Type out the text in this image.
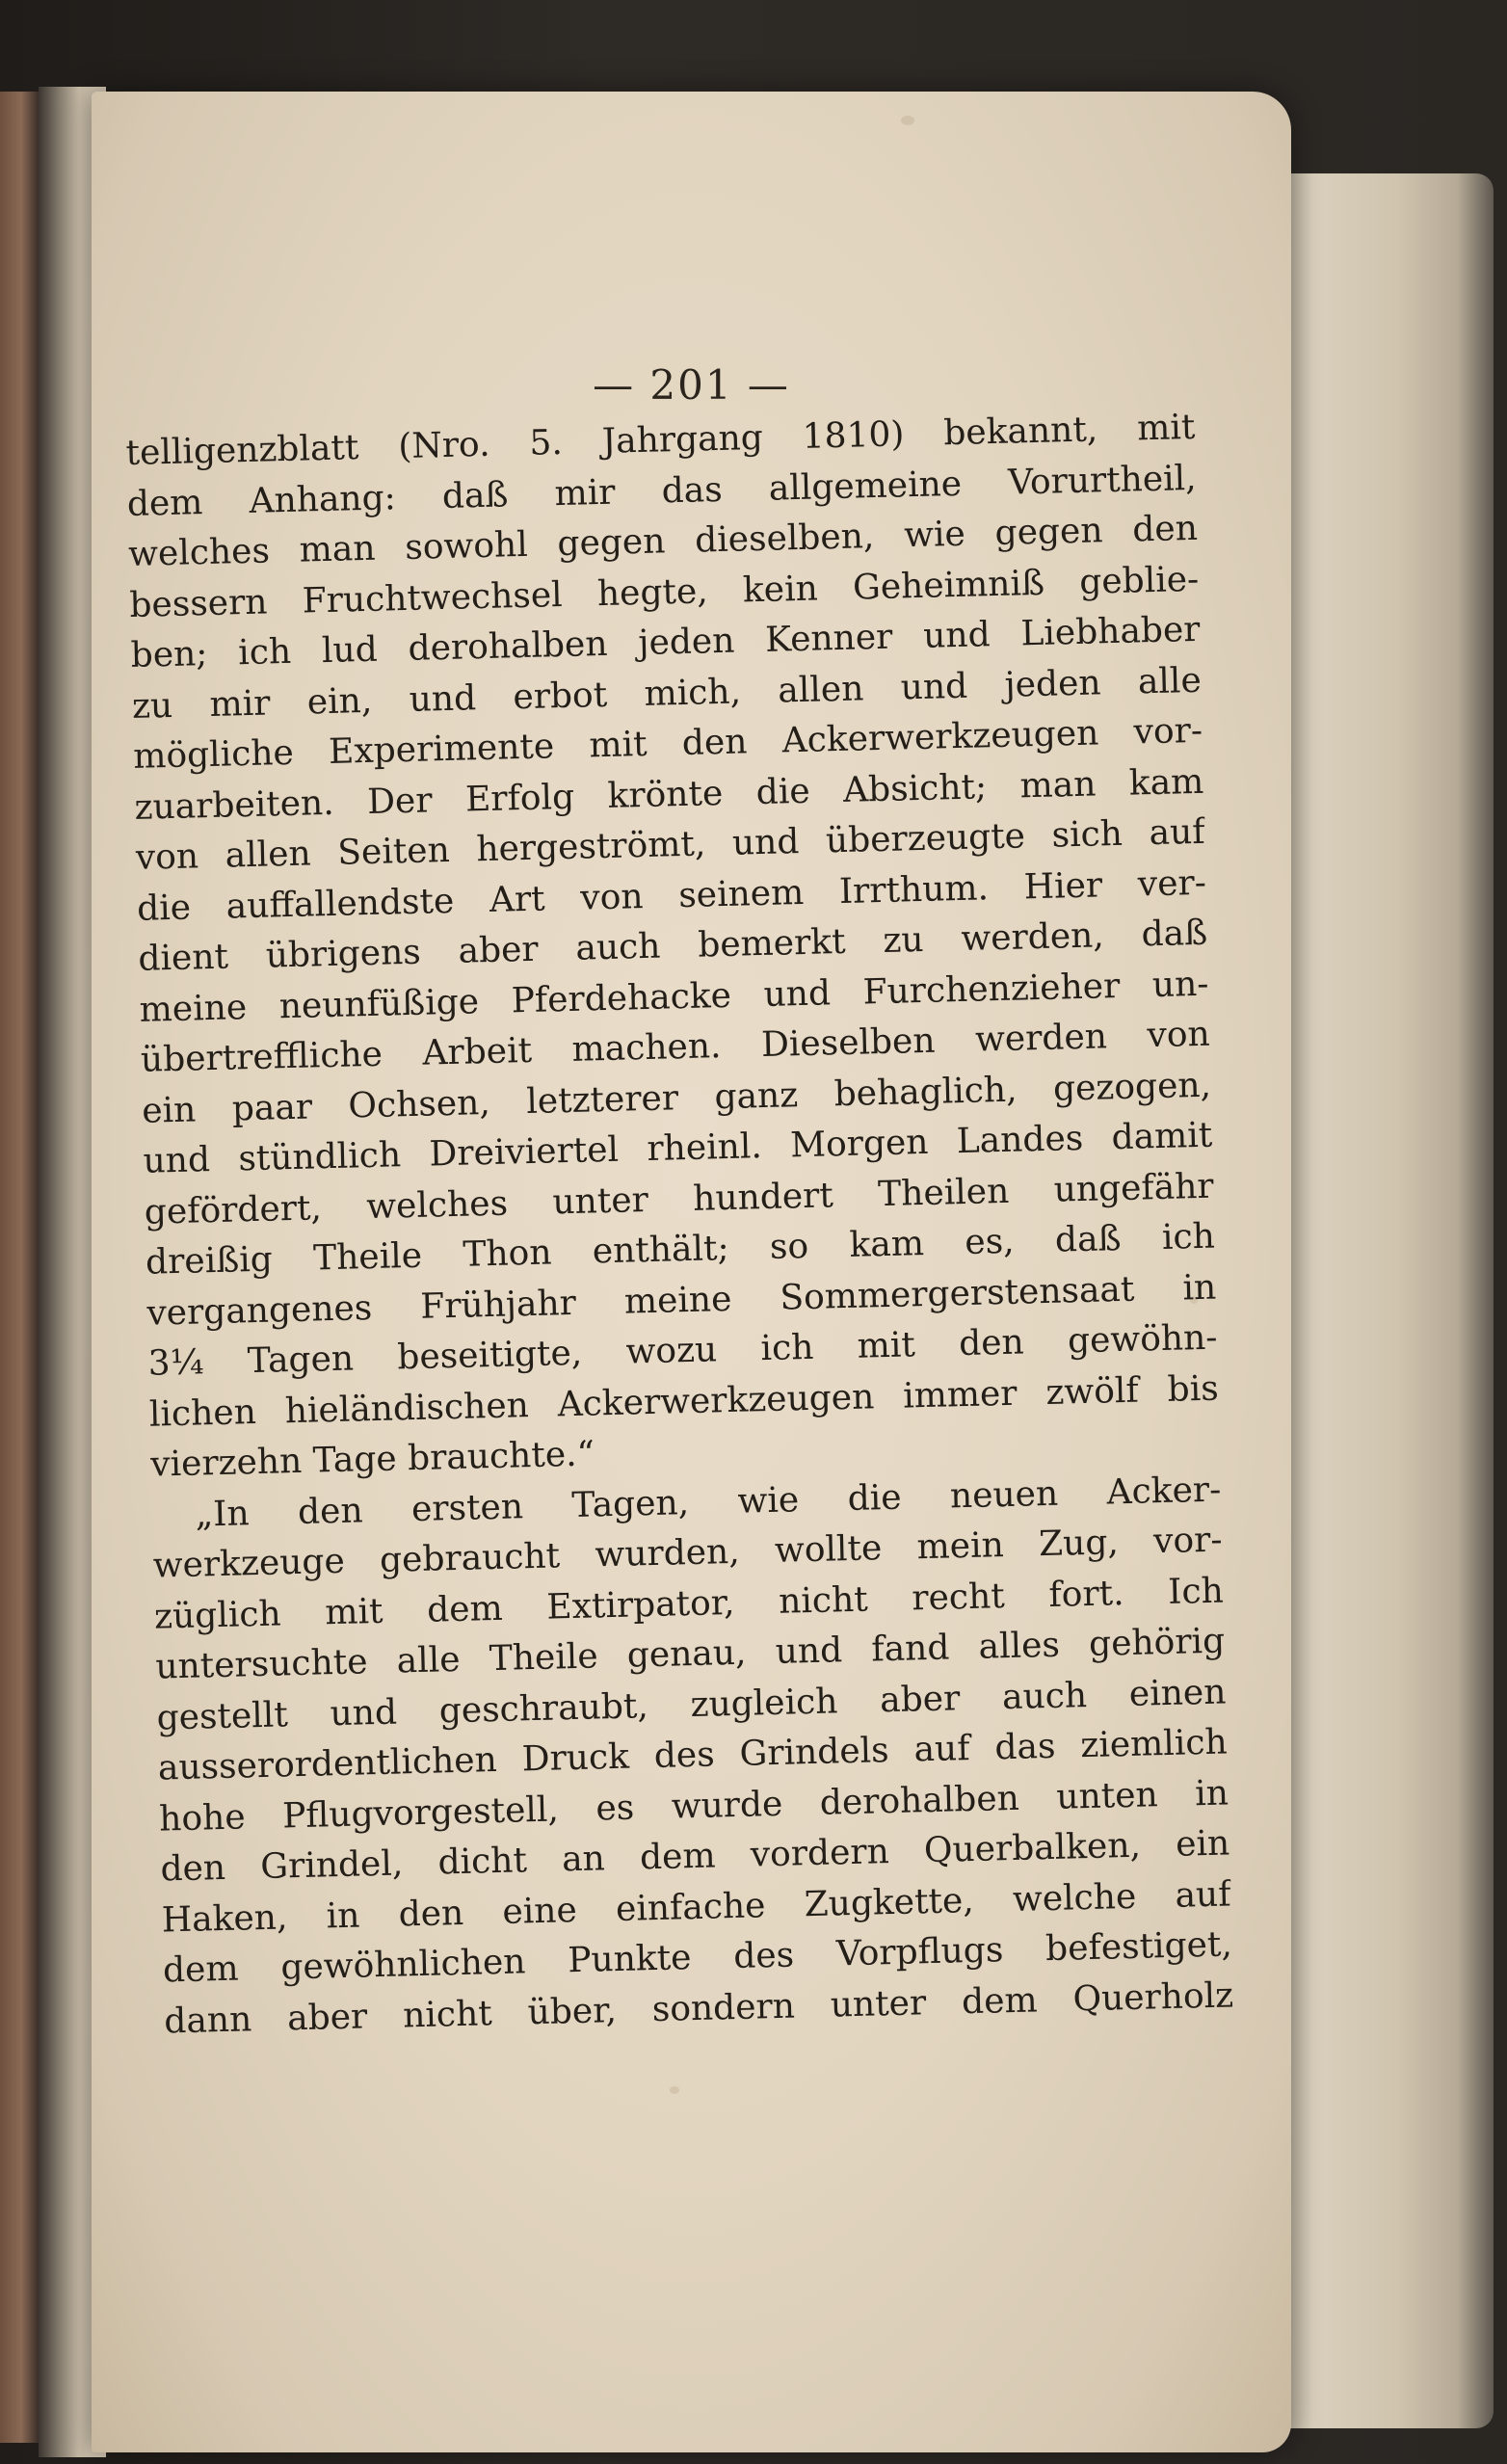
— 201 —
telligenzblatt (Nro. 5. Jahrgang 1810) bekannt, mit
dem Anhang: daß mir das allgemeine Vorurtheil,
welches man sowohl gegen dieselben, wie gegen den
bessern Fruchtwechsel hegte, kein Geheimniß geblie-
ben; ich lud derohalben jeden Kenner und Liebhaber
zu mir ein, und erbot mich, allen und jeden alle
mögliche Experimente mit den Ackerwerkzeugen vor-
zuarbeiten. Der Erfolg krönte die Absicht; man kam
von allen Seiten hergeströmt, und überzeugte sich auf
die auffallendste Art von seinem Irrthum. Hier ver-
dient übrigens aber auch bemerkt zu werden, daß
meine neunfüßige Pferdehacke und Furchenzieher un-
übertreffliche Arbeit machen. Dieselben werden von
ein paar Ochsen, letzterer ganz behaglich, gezogen,
und stündlich Dreiviertel rheinl. Morgen Landes damit
gefördert, welches unter hundert Theilen ungefähr
dreißig Theile Thon enthält; so kam es, daß ich
vergangenes Frühjahr meine Sommergerstensaat in
3¼ Tagen beseitigte, wozu ich mit den gewöhn-
lichen hieländischen Ackerwerkzeugen immer zwölf bis
vierzehn Tage brauchte.“
„In den ersten Tagen, wie die neuen Acker-
werkzeuge gebraucht wurden, wollte mein Zug, vor-
züglich mit dem Extirpator, nicht recht fort. Ich
untersuchte alle Theile genau, und fand alles gehörig
gestellt und geschraubt, zugleich aber auch einen
ausserordentlichen Druck des Grindels auf das ziemlich
hohe Pflugvorgestell, es wurde derohalben unten in
den Grindel, dicht an dem vordern Querbalken, ein
Haken, in den eine einfache Zugkette, welche auf
dem gewöhnlichen Punkte des Vorpflugs befestiget,
dann aber nicht über, sondern unter dem Querholz
